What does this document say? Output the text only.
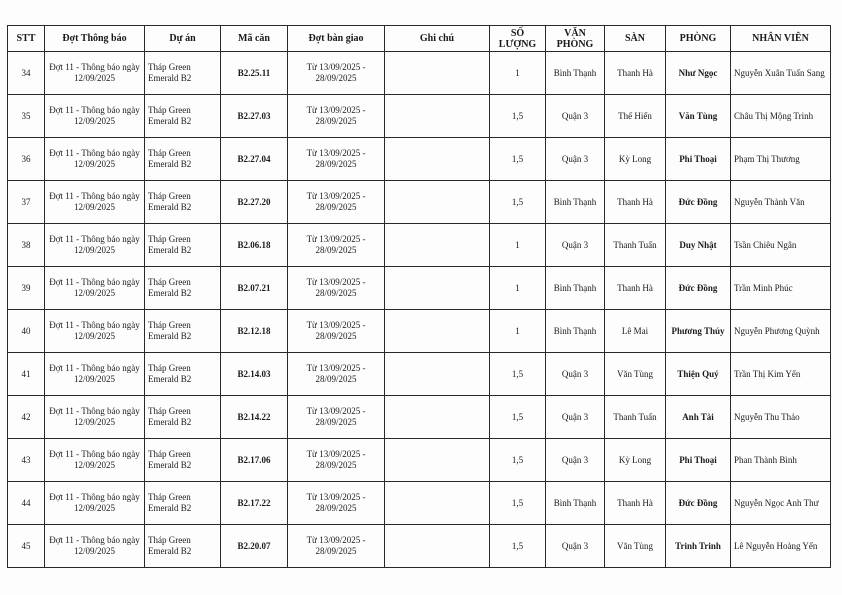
STT	Đợt Thông báo	Dự án	Mã căn	Đợt bàn giao	Ghi chú	SỐ LƯỢNG	VĂN PHÒNG	SÀN	PHÒNG	NHÂN VIÊN
34	Đợt 11 - Thông báo ngày 12/09/2025	Tháp Green Emerald B2	B2.25.11	Từ 13/09/2025 - 28/09/2025		1	Bình Thạnh	Thanh Hà	Như Ngọc	Nguyễn Xuân Tuấn Sang
35	Đợt 11 - Thông báo ngày 12/09/2025	Tháp Green Emerald B2	B2.27.03	Từ 13/09/2025 - 28/09/2025		1,5	Quận 3	Thế Hiển	Văn Tùng	Châu Thị Mộng Trinh
36	Đợt 11 - Thông báo ngày 12/09/2025	Tháp Green Emerald B2	B2.27.04	Từ 13/09/2025 - 28/09/2025		1,5	Quận 3	Kỳ Long	Phi Thoại	Phạm Thị Thương
37	Đợt 11 - Thông báo ngày 12/09/2025	Tháp Green Emerald B2	B2.27.20	Từ 13/09/2025 - 28/09/2025		1,5	Bình Thạnh	Thanh Hà	Đức Đồng	Nguyễn Thành Văn
38	Đợt 11 - Thông báo ngày 12/09/2025	Tháp Green Emerald B2	B2.06.18	Từ 13/09/2025 - 28/09/2025		1	Quận 3	Thanh Tuấn	Duy Nhật	Tsần Chiêu Ngân
39	Đợt 11 - Thông báo ngày 12/09/2025	Tháp Green Emerald B2	B2.07.21	Từ 13/09/2025 - 28/09/2025		1	Bình Thạnh	Thanh Hà	Đức Đồng	Trần Minh Phúc
40	Đợt 11 - Thông báo ngày 12/09/2025	Tháp Green Emerald B2	B2.12.18	Từ 13/09/2025 - 28/09/2025		1	Bình Thạnh	Lê Mai	Phương Thúy	Nguyễn Phương Quỳnh
41	Đợt 11 - Thông báo ngày 12/09/2025	Tháp Green Emerald B2	B2.14.03	Từ 13/09/2025 - 28/09/2025		1,5	Quận 3	Văn Tùng	Thiện Quý	Trần Thị Kim Yến
42	Đợt 11 - Thông báo ngày 12/09/2025	Tháp Green Emerald B2	B2.14.22	Từ 13/09/2025 - 28/09/2025		1,5	Quận 3	Thanh Tuấn	Anh Tài	Nguyễn Thu Thảo
43	Đợt 11 - Thông báo ngày 12/09/2025	Tháp Green Emerald B2	B2.17.06	Từ 13/09/2025 - 28/09/2025		1,5	Quận 3	Kỳ Long	Phi Thoại	Phan Thành Bình
44	Đợt 11 - Thông báo ngày 12/09/2025	Tháp Green Emerald B2	B2.17.22	Từ 13/09/2025 - 28/09/2025		1,5	Bình Thạnh	Thanh Hà	Đức Đồng	Nguyễn Ngọc Anh Thư
45	Đợt 11 - Thông báo ngày 12/09/2025	Tháp Green Emerald B2	B2.20.07	Từ 13/09/2025 - 28/09/2025		1,5	Quận 3	Văn Tùng	Trinh Trinh	Lê Nguyễn Hoàng Yến
